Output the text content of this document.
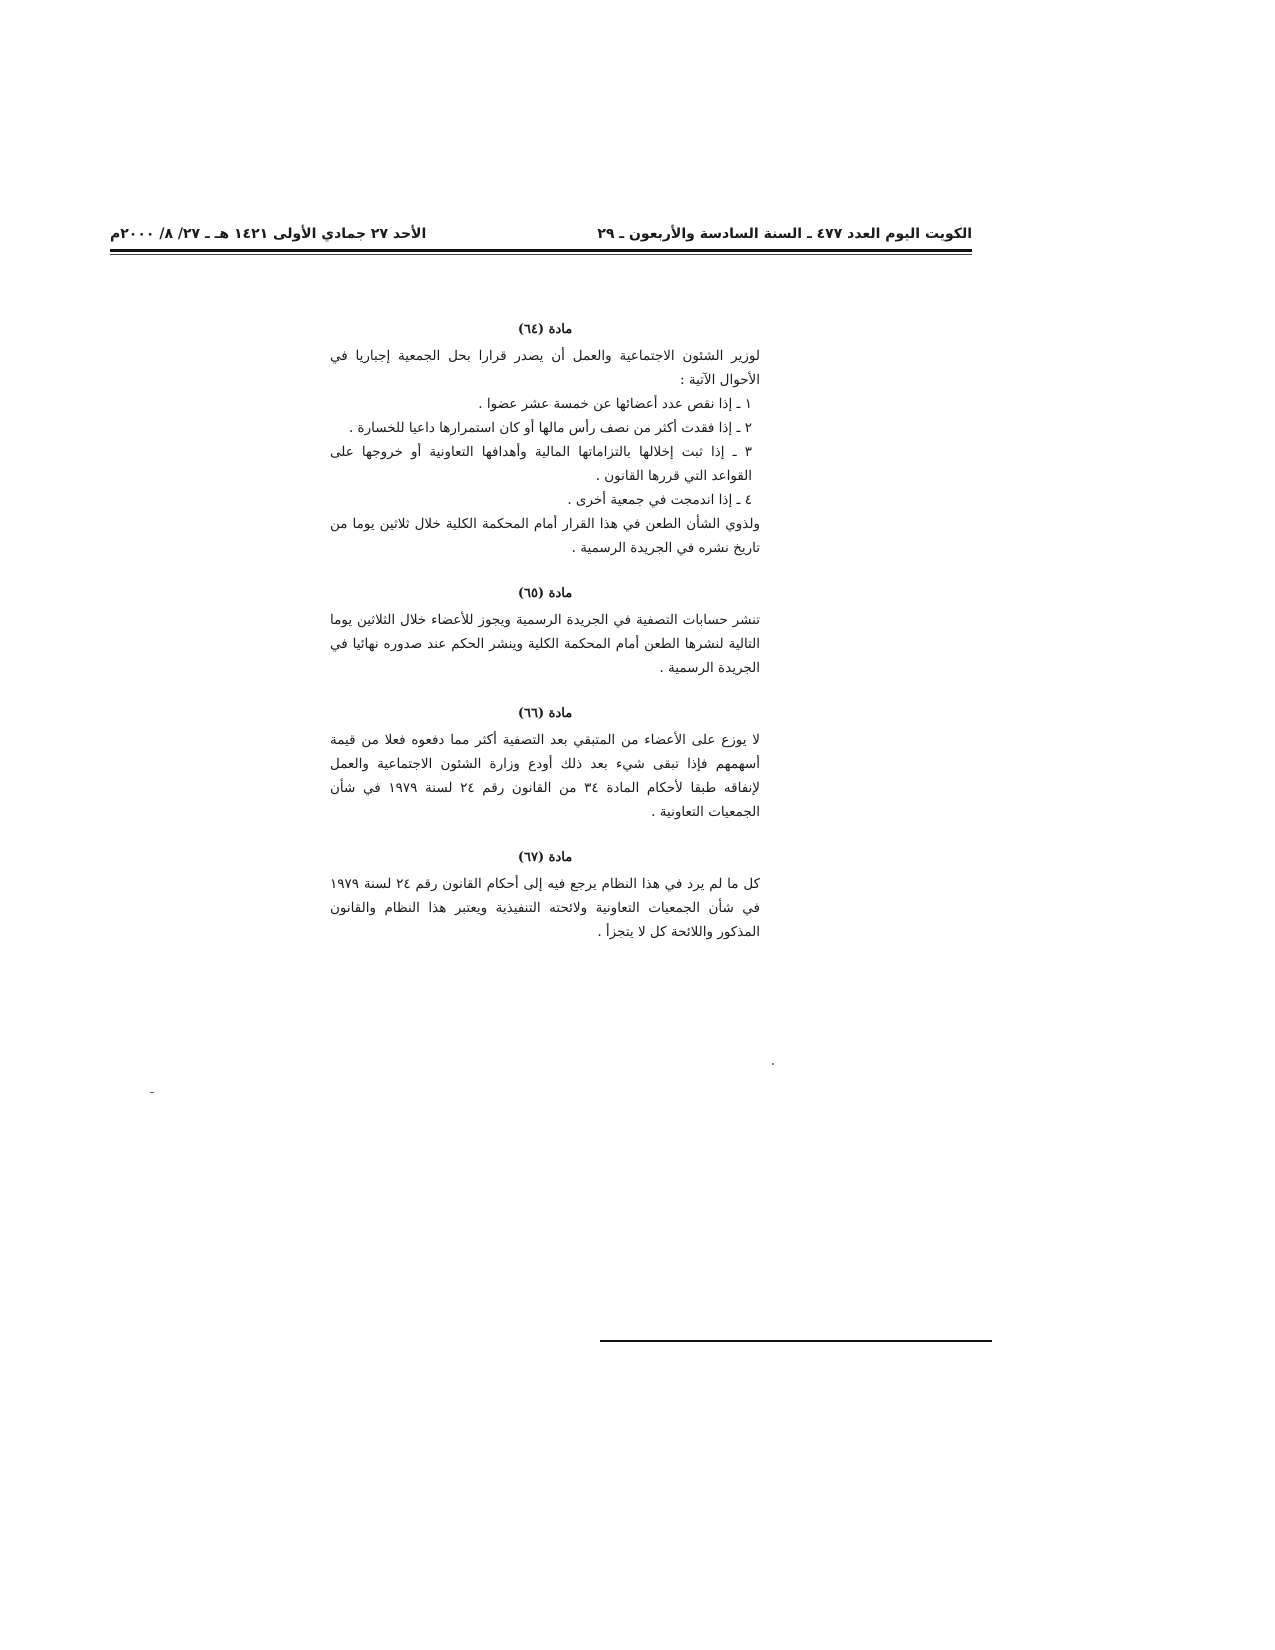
الكويت اليوم العدد ٤٧٧ ـ السنة السادسة والأربعون ـ ٢٩
الأحد ٢٧ جمادي الأولى ١٤٢١ هـ ـ ٢٧/ ٨/ ٢٠٠٠م
مادة (٦٤)

لوزير الشئون الاجتماعية والعمل أن يصدر قرارا بحل الجمعية إجباريا في الأحوال الآتية :

١ ـ إذا نقص عدد أعضائها عن خمسة عشر عضوا .

٢ ـ إذا فقدت أكثر من نصف رأس مالها أو كان استمرارها داعيا للخسارة .

٣ ـ إذا ثبت إخلالها بالتزاماتها المالية وأهدافها التعاونية أو خروجها على القواعد التي قررها القانون .

٤ ـ إذا اندمجت في جمعية أخرى .

ولذوي الشأن الطعن في هذا القرار أمام المحكمة الكلية خلال ثلاثين يوما من تاريخ نشره في الجريدة الرسمية .

مادة (٦٥)

تنشر حسابات التصفية في الجريدة الرسمية ويجوز للأعضاء خلال الثلاثين يوما التالية لنشرها الطعن أمام المحكمة الكلية وينشر الحكم عند صدوره نهائيا في الجريدة الرسمية .

مادة (٦٦)

لا يوزع على الأعضاء من المتبقي بعد التصفية أكثر مما دفعوه فعلا من قيمة أسهمهم فإذا تبقى شيء بعد ذلك أودع وزارة الشئون الاجتماعية والعمل لإنفاقه طبقا لأحكام المادة ٣٤ من القانون رقم ٢٤ لسنة ١٩٧٩ في شأن الجمعيات التعاونية .

مادة (٦٧)

كل ما لم يرد في هذا النظام يرجع فيه إلى أحكام القانون رقم ٢٤ لسنة ١٩٧٩ في شأن الجمعيات التعاونية ولائحته التنفيذية ويعتبر هذا النظام والقانون المذكور واللائحة كل لا يتجزأ .
